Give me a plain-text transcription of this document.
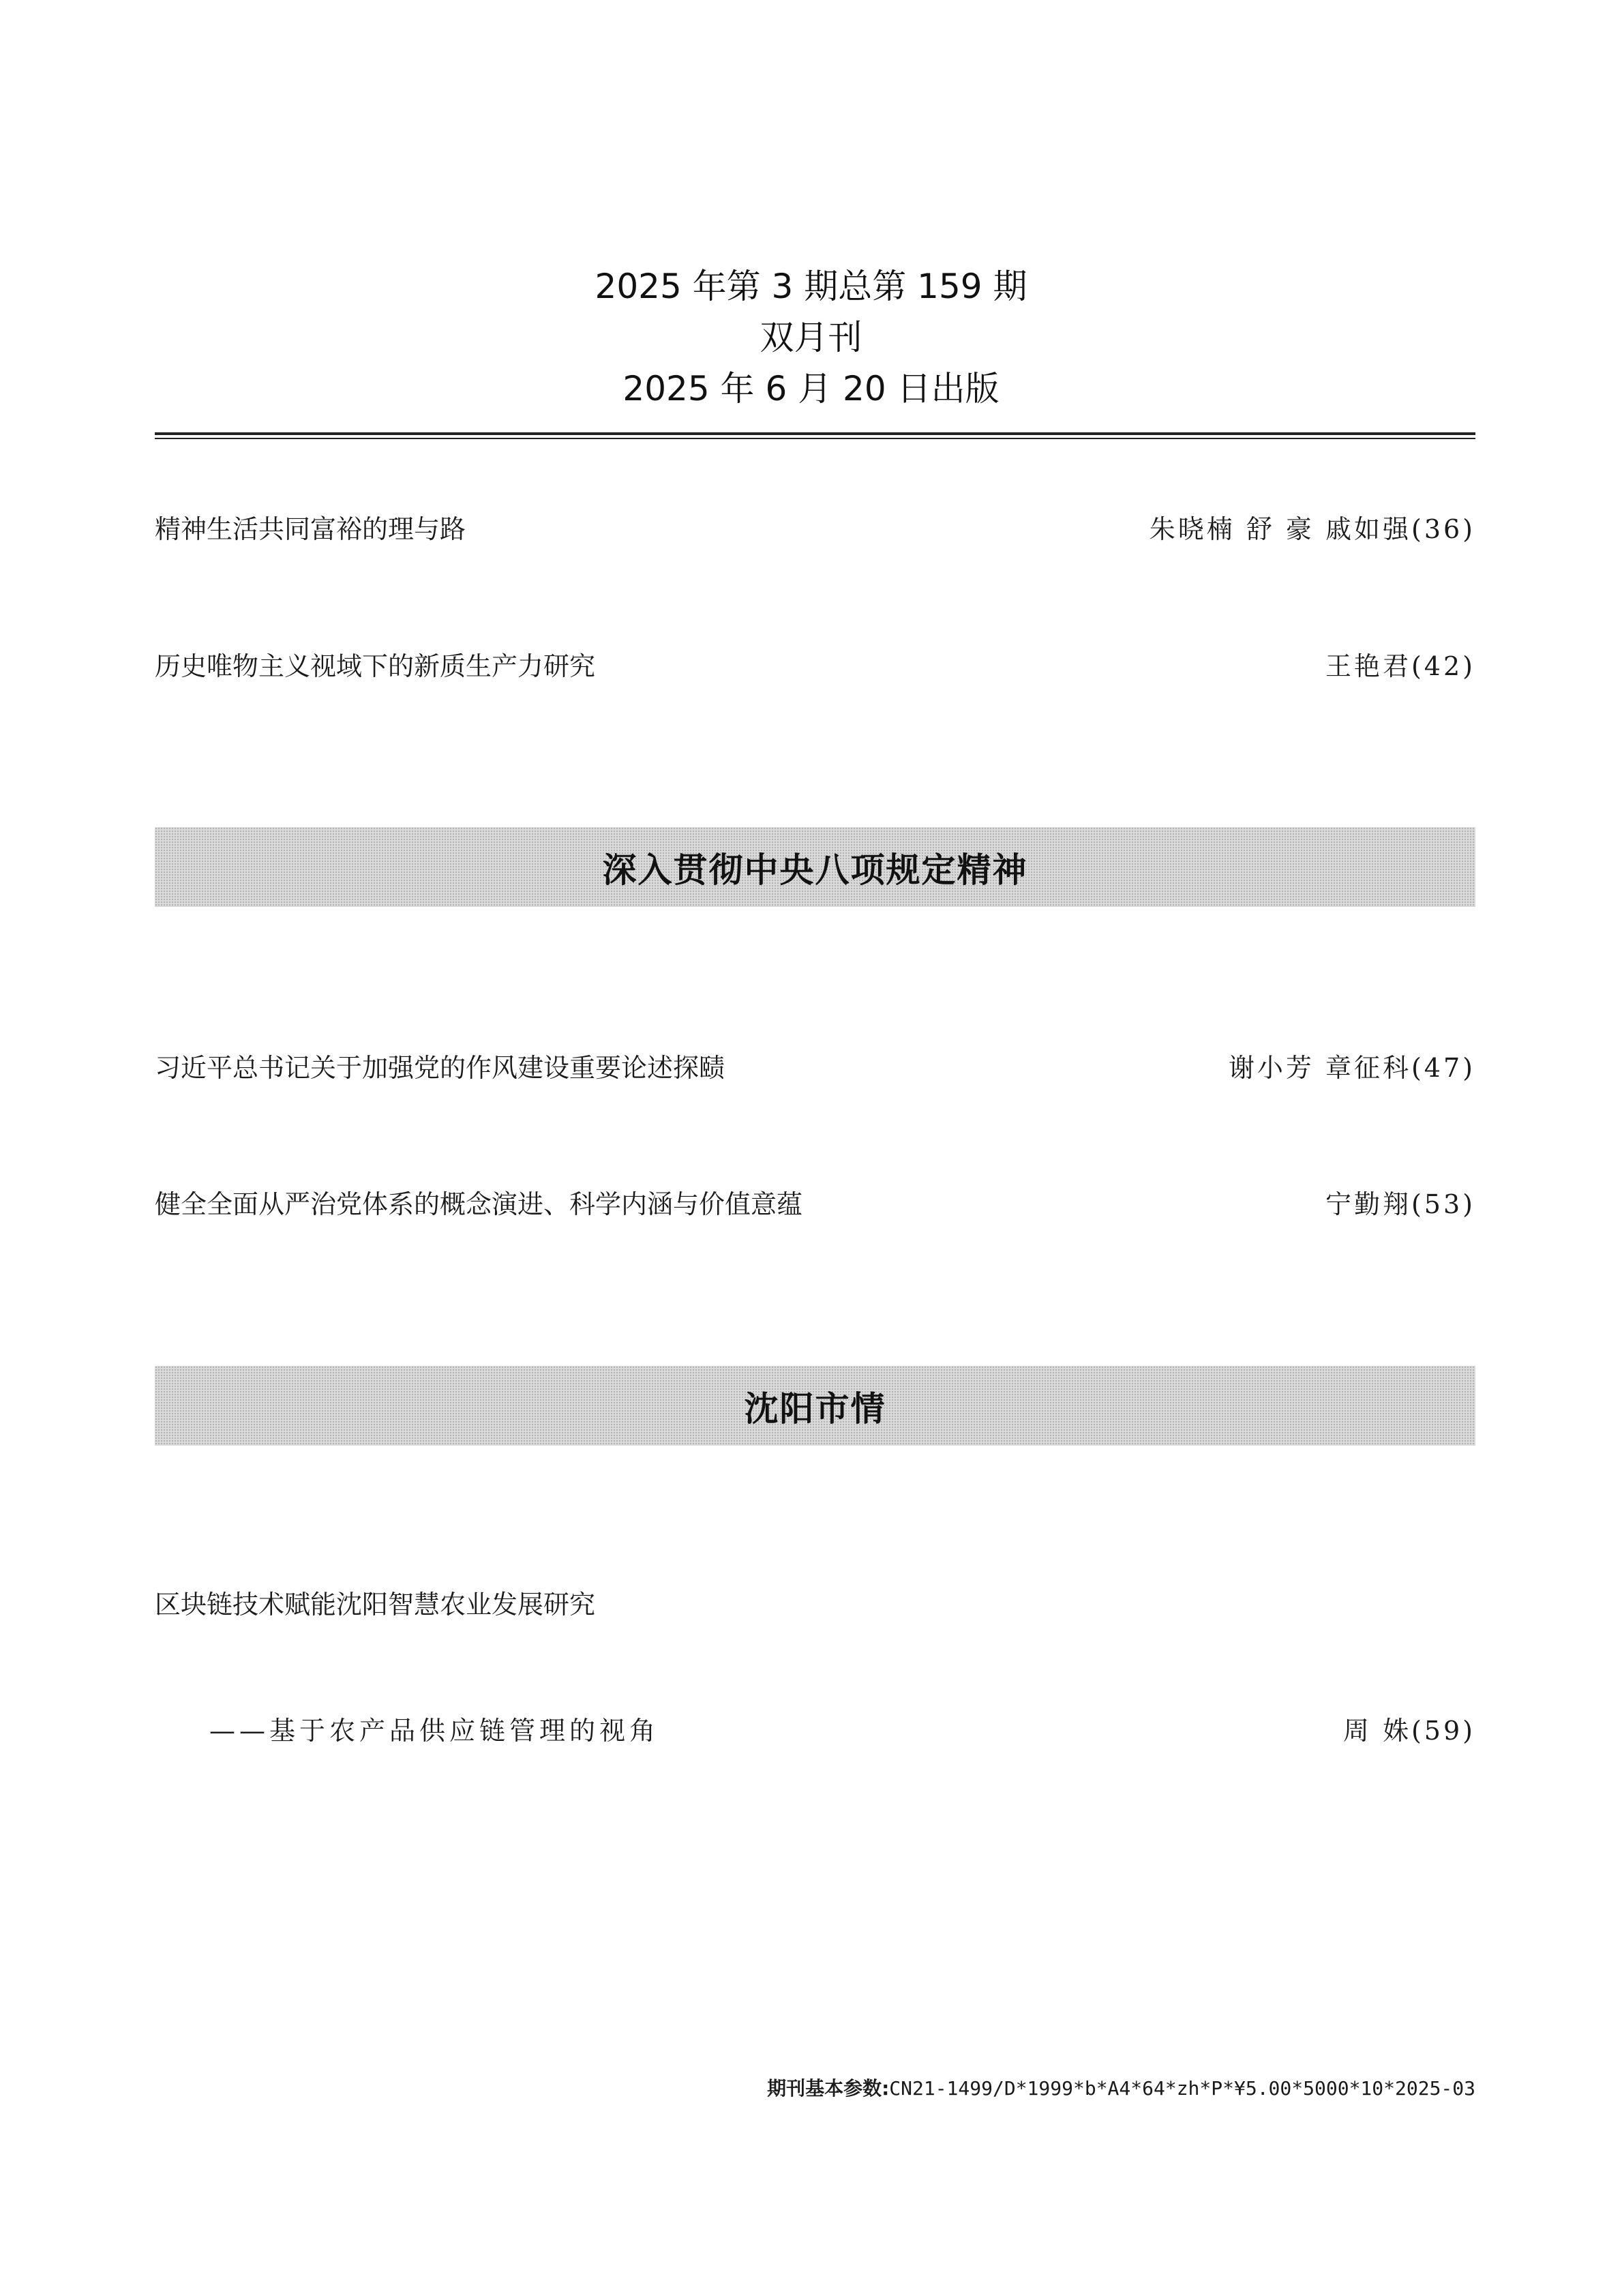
2025 年第 3 期总第 159 期
双月刊
2025 年 6 月 20 日出版
精神生活共同富裕的理与路	朱晓楠 舒 豪 戚如强(36)
历史唯物主义视域下的新质生产力研究	王艳君(42)
深入贯彻中央八项规定精神
习近平总书记关于加强党的作风建设重要论述探赜	谢小芳 章征科(47)
健全全面从严治党体系的概念演进、科学内涵与价值意蕴	宁勤翔(53)
沈阳市情
区块链技术赋能沈阳智慧农业发展研究
——基于农产品供应链管理的视角	周 姝(59)
期刊基本参数:CN21-1499/D*1999*b*A4*64*zh*P*¥5.00*5000*10*2025-03
